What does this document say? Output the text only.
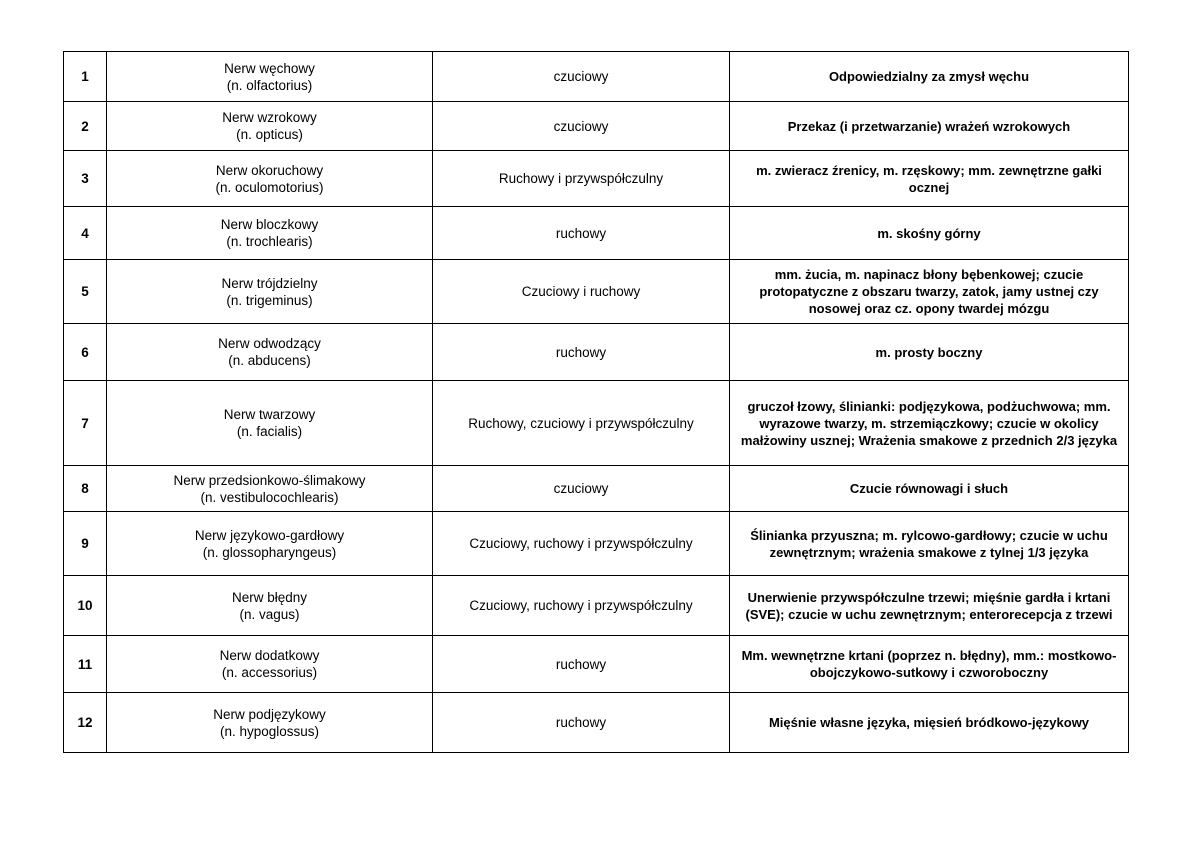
1	Nerw węchowy
(n. olfactorius)	czuciowy	Odpowiedzialny za zmysł węchu
2	Nerw wzrokowy
(n. opticus)	czuciowy	Przekaz (i przetwarzanie) wrażeń wzrokowych
3	Nerw okoruchowy
(n. oculomotorius)	Ruchowy i przywspółczulny	m. zwieracz źrenicy, m. rzęskowy; mm. zewnętrzne gałki ocznej
4	Nerw bloczkowy
(n. trochlearis)	ruchowy	m. skośny górny
5	Nerw trójdzielny
(n. trigeminus)	Czuciowy i ruchowy	mm. żucia, m. napinacz błony bębenkowej; czucie protopatyczne z obszaru twarzy, zatok, jamy ustnej czy nosowej oraz cz. opony twardej mózgu
6	Nerw odwodzący
(n. abducens)	ruchowy	m. prosty boczny
7	Nerw twarzowy
(n. facialis)	Ruchowy, czuciowy i przywspółczulny	gruczoł łzowy, ślinianki: podjęzykowa, podżuchwowa; mm. wyrazowe twarzy, m. strzemiączkowy; czucie w okolicy małżowiny usznej; Wrażenia smakowe z przednich 2/3 języka
8	Nerw przedsionkowo-ślimakowy
(n. vestibulocochlearis)	czuciowy	Czucie równowagi i słuch
9	Nerw językowo-gardłowy
(n. glossopharyngeus)	Czuciowy, ruchowy i przywspółczulny	Ślinianka przyuszna; m. rylcowo-gardłowy; czucie w uchu zewnętrznym; wrażenia smakowe z tylnej 1/3 języka
10	Nerw błędny
(n. vagus)	Czuciowy, ruchowy i przywspółczulny	Unerwienie przywspółczulne trzewi; mięśnie gardła i krtani (SVE); czucie w uchu zewnętrznym; enterorecepcja z trzewi
11	Nerw dodatkowy
(n. accessorius)	ruchowy	Mm. wewnętrzne krtani (poprzez n. błędny), mm.: mostkowo-obojczykowo-sutkowy i czworoboczny
12	Nerw podjęzykowy
(n. hypoglossus)	ruchowy	Mięśnie własne języka, mięsień bródkowo-językowy
